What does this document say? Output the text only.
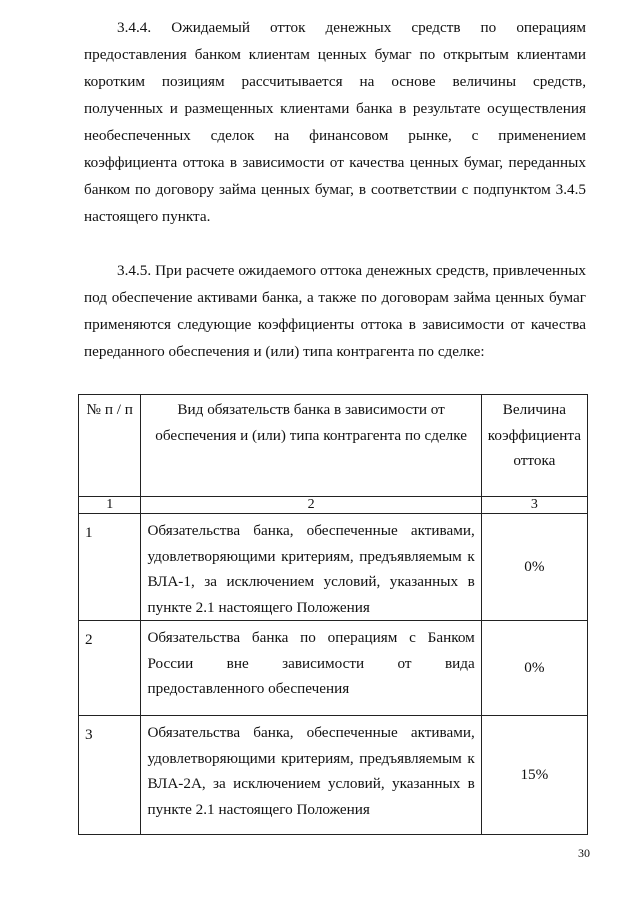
3.4.4. Ожидаемый отток денежных средств по операциям предоставления банком клиентам ценных бумаг по открытым клиентами коротким позициям рассчитывается на основе величины средств, полученных и размещенных клиентами банка в результате осуществления необеспеченных сделок на финансовом рынке, с применением коэффициента оттока в зависимости от качества ценных бумаг, переданных банком по договору займа ценных бумаг, в соответствии с подпунктом 3.4.5 настоящего пункта.

3.4.5. При расчете ожидаемого оттока денежных средств, привлеченных под обеспечение активами банка, а также по договорам займа ценных бумаг применяются следующие коэффициенты оттока в зависимости от качества переданного обеспечения и (или) типа контрагента по сделке:

№ п / п	Вид обязательств банка в зависимости от обеспечения и (или) типа контрагента по сделке	Величина коэффициента оттока
1	2	3
1	Обязательства банка, обеспеченные активами, удовлетворяющими критериям, предъявляемым к ВЛА-1, за исключением условий, указанных в пункте 2.1 настоящего Положения	0%
2	Обязательства банка по операциям с Банком России вне зависимости от вида предоставленного обеспечения	0%
3	Обязательства банка, обеспеченные активами, удовлетворяющими критериям, предъявляемым к ВЛА-2А, за исключением условий, указанных в пункте 2.1 настоящего Положения	15%
30
